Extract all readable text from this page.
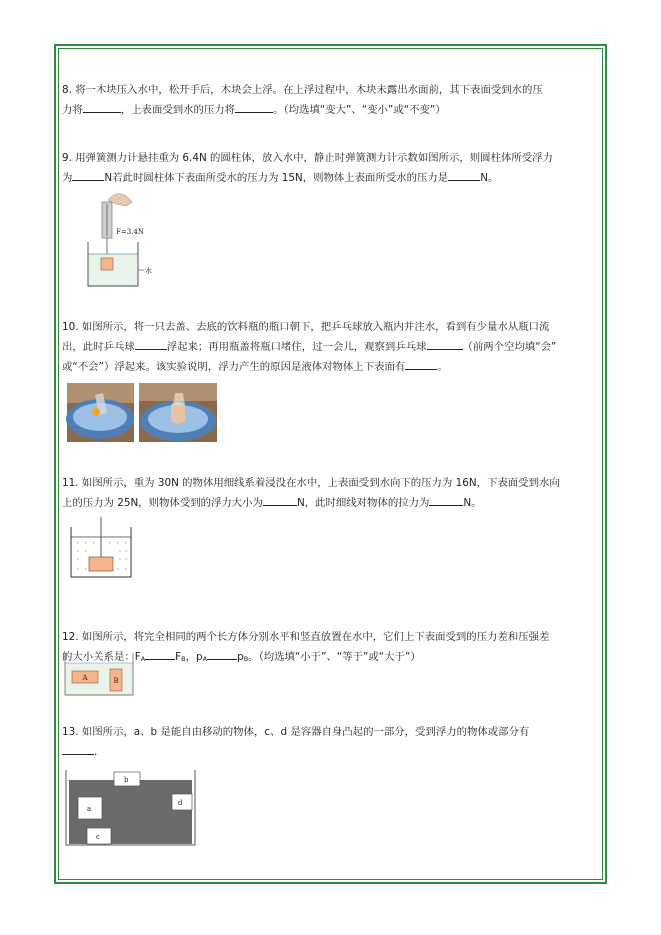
8. 将一木块压入水中，松开手后，木块会上浮。在上浮过程中，木块未露出水面前，其下表面受到水的压

力将	，上表面受到水的压力将	。（均选填“变大”、“变小”或“不变”）

9. 用弹簧测力计悬挂重为 6.4N 的圆柱体，放入水中，静止时弹簧测力计示数如图所示，则圆柱体所受浮力

为	N若此时圆柱体下表面所受水的压力为 15N，则物体上表面所受水的压力是	N。

F=3.4N
水

10. 如图所示，将一只去盖、去底的饮料瓶的瓶口朝下，把乒乓球放入瓶内并注水，看到有少量水从瓶口流

出，此时乒乓球	浮起来；再用瓶盖将瓶口堵住，过一会儿，观察到乒乓球	（前两个空均填“会”

或“不会”）浮起来。该实验说明，浮力产生的原因是液体对物体上下表面有	。

11. 如图所示，重为 30N 的物体用细线系着浸没在水中，上表面受到水向下的压力为 16N，下表面受到水向

上的压力为 25N，则物体受到的浮力大小为	N，此时细线对物体的拉力为	N。

12. 如图所示，将完全相同的两个长方体分别水平和竖直放置在水中，它们上下表面受到的压力差和压强差

的大小关系是：FA	FB，pA	pB。（均选填“小于”、“等于”或“大于”）

A	B

13. 如图所示，a、b 是能自由移动的物体，c、d 是容器自身凸起的一部分，受到浮力的物体或部分有

.

b
a
c
d
